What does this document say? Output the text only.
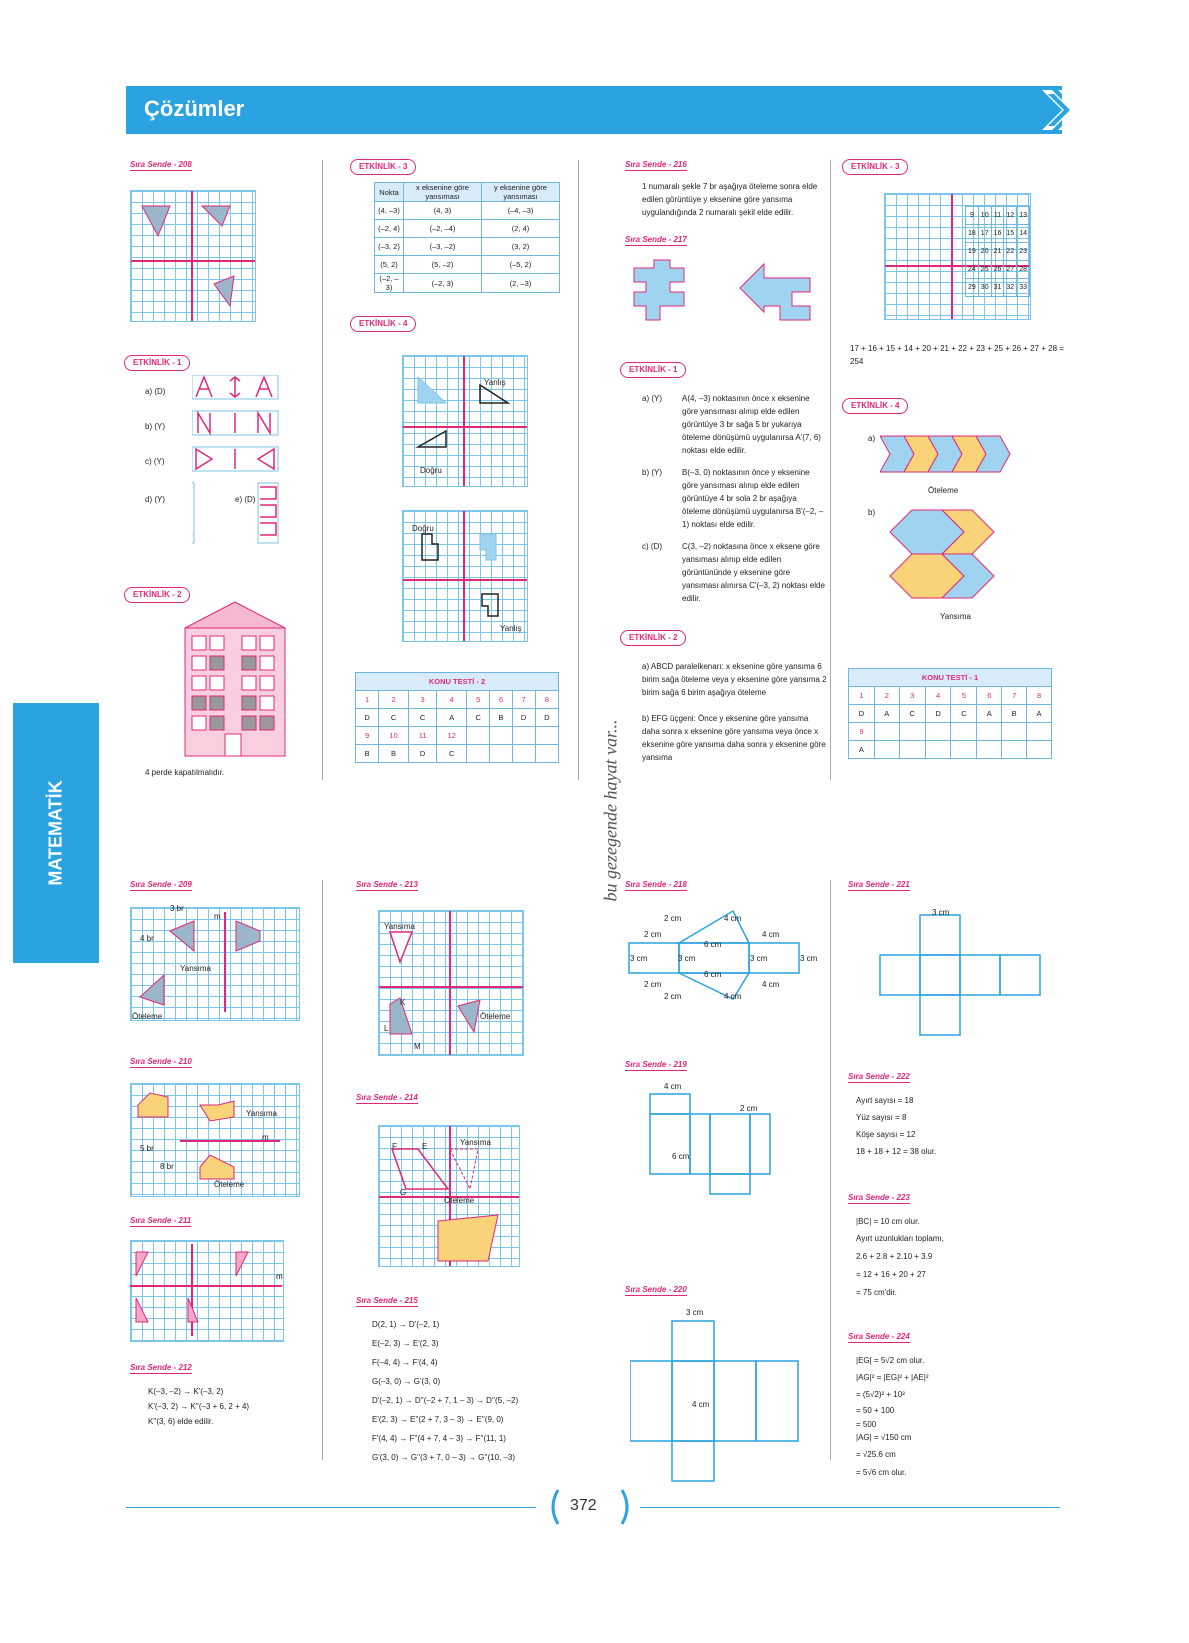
Çözümler
MATEMATİK	bu gezegende hayat var...
Sıra Sende - 208
ETKİNLİK - 1
a) (D)
b) (Y)
c) (Y)
d) (Y)	e) (D)
ETKİNLİK - 2
4 perde kapatılmalıdır.
ETKİNLİK - 3
Nokta	x eksenine göre yansıması	y eksenine göre yansıması
(4, –3)	(4, 3)	(–4, –3)
(–2, 4)	(–2, –4)	(2, 4)
(–3, 2)	(–3, –2)	(3, 2)
(5, 2)	(5, –2)	(–5, 2)
(–2, –3)	(–2, 3)	(2, –3)
ETKİNLİK - 4
Yanlış
Doğru
Doğru
Yanlış
KONU TESTİ - 2							
1	2	3	4	5	6	7	8
D	C	C	A	C	B	D	D
9	10	11	12				
B	B	D	C				
Sıra Sende - 216
1 numaralı şekle 7 br aşağıya öteleme sonra elde edilen görüntüye y eksenine göre yansıma uygulandığında 2 numaralı şekil elde edilir.
Sıra Sende - 217
ETKİNLİK - 1
a) (Y)	A(4, –3) noktasının önce x eksenine göre yansıması alınıp elde edilen görüntüye 3 br sağa 5 br yukarıya öteleme dönüşümü uygulanırsa A'(7, 6) noktası elde edilir.
b) (Y)	B(–3, 0) noktasının önce y eksenine göre yansıması alınıp elde edilen görüntüye 4 br sola 2 br aşağıya öteleme dönüşümü uygulanırsa B'(–2, –1) noktası elde edilir.
c) (D)	C(3, –2) noktasına önce x eksene göre yansıması alınıp elde edilen görüntününde y eksenine göre yansıması alınırsa C'(–3, 2) noktası elde edilir.
ETKİNLİK - 2
a) ABCD paralelkenarı: x eksenine göre yansıma 6 birim sağa öteleme veya y eksenine göre yansıma 2 birim sağa 6 birim aşağıya öteleme
b) EFG üçgeni: Önce y eksenine göre yansıma daha sonra x eksenine göre yansıma veya önce x eksenine göre yansıma daha sonra y eksenine göre yansıma
ETKİNLİK - 3
9	10	11	12	13
18	17	16	15	14
19	20	21	22	23
24	25	26	27	28
29	30	31	32	33
17 + 16 + 15 + 14 + 20 + 21 + 22 + 23 + 25 + 26 + 27 + 28 = 254
ETKİNLİK - 4
a)
Öteleme
b)
Yansıma
KONU TESTİ - 1							
1	2	3	4	5	6	7	8
D	A	C	D	C	A	B	A
9							
A							
Sıra Sende - 209
3 br
4 br
m
Yansıma
Öteleme
Sıra Sende - 210
Yansıma
m
5 br
8 br
Öteleme
Sıra Sende - 211
m
Sıra Sende - 212
K(–3, –2) → K'(–3, 2)
K'(–3, 2) → K''(–3 + 6, 2 + 4)
K''(3, 6) elde edilir.
Sıra Sende - 213
Yansıma
K
L
M
Öteleme
Sıra Sende - 214
F	E
G
Yansıma
Öteleme
Sıra Sende - 215
D(2, 1) → D'(–2, 1)
E(–2, 3) → E'(2, 3)
F(–4, 4) → F'(4, 4)
G(–3, 0) → G'(3, 0)
D'(–2, 1) → D''(–2 + 7, 1 – 3) → D''(5, –2)
E'(2, 3) → E''(2 + 7, 3 – 3) → E''(9, 0)
F'(4, 4) → F''(4 + 7, 4 – 3) → F''(11, 1)
G'(3, 0) → G''(3 + 7, 0 – 3) → G''(10, –3)
Sıra Sende - 218
2 cm	4 cm
2 cm
6 cm
4 cm
3 cm	3 cm	3 cm	3 cm
6 cm
2 cm	4 cm
2 cm	4 cm
Sıra Sende - 219
4 cm
2 cm
6 cm
Sıra Sende - 220
3 cm
4 cm
Sıra Sende - 221
3 cm
Sıra Sende - 222
Ayırt sayısı = 18
Yüz sayısı = 8
Köşe sayısı = 12
18 + 18 + 12 = 38 olur.
Sıra Sende - 223
|BC| = 10 cm olur.
Ayırt uzunlukları toplamı,
2.6 + 2.8 + 2.10 + 3.9
= 12 + 16 + 20 + 27
= 75 cm'dir.
Sıra Sende - 224
|EG| = 5√2 cm olur.
|AG|² = |EG|² + |AE|²
= (5√2)² + 10²
= 50 + 100
= 500
|AG| = √150 cm
= √25.6 cm
= 5√6 cm olur.
372
